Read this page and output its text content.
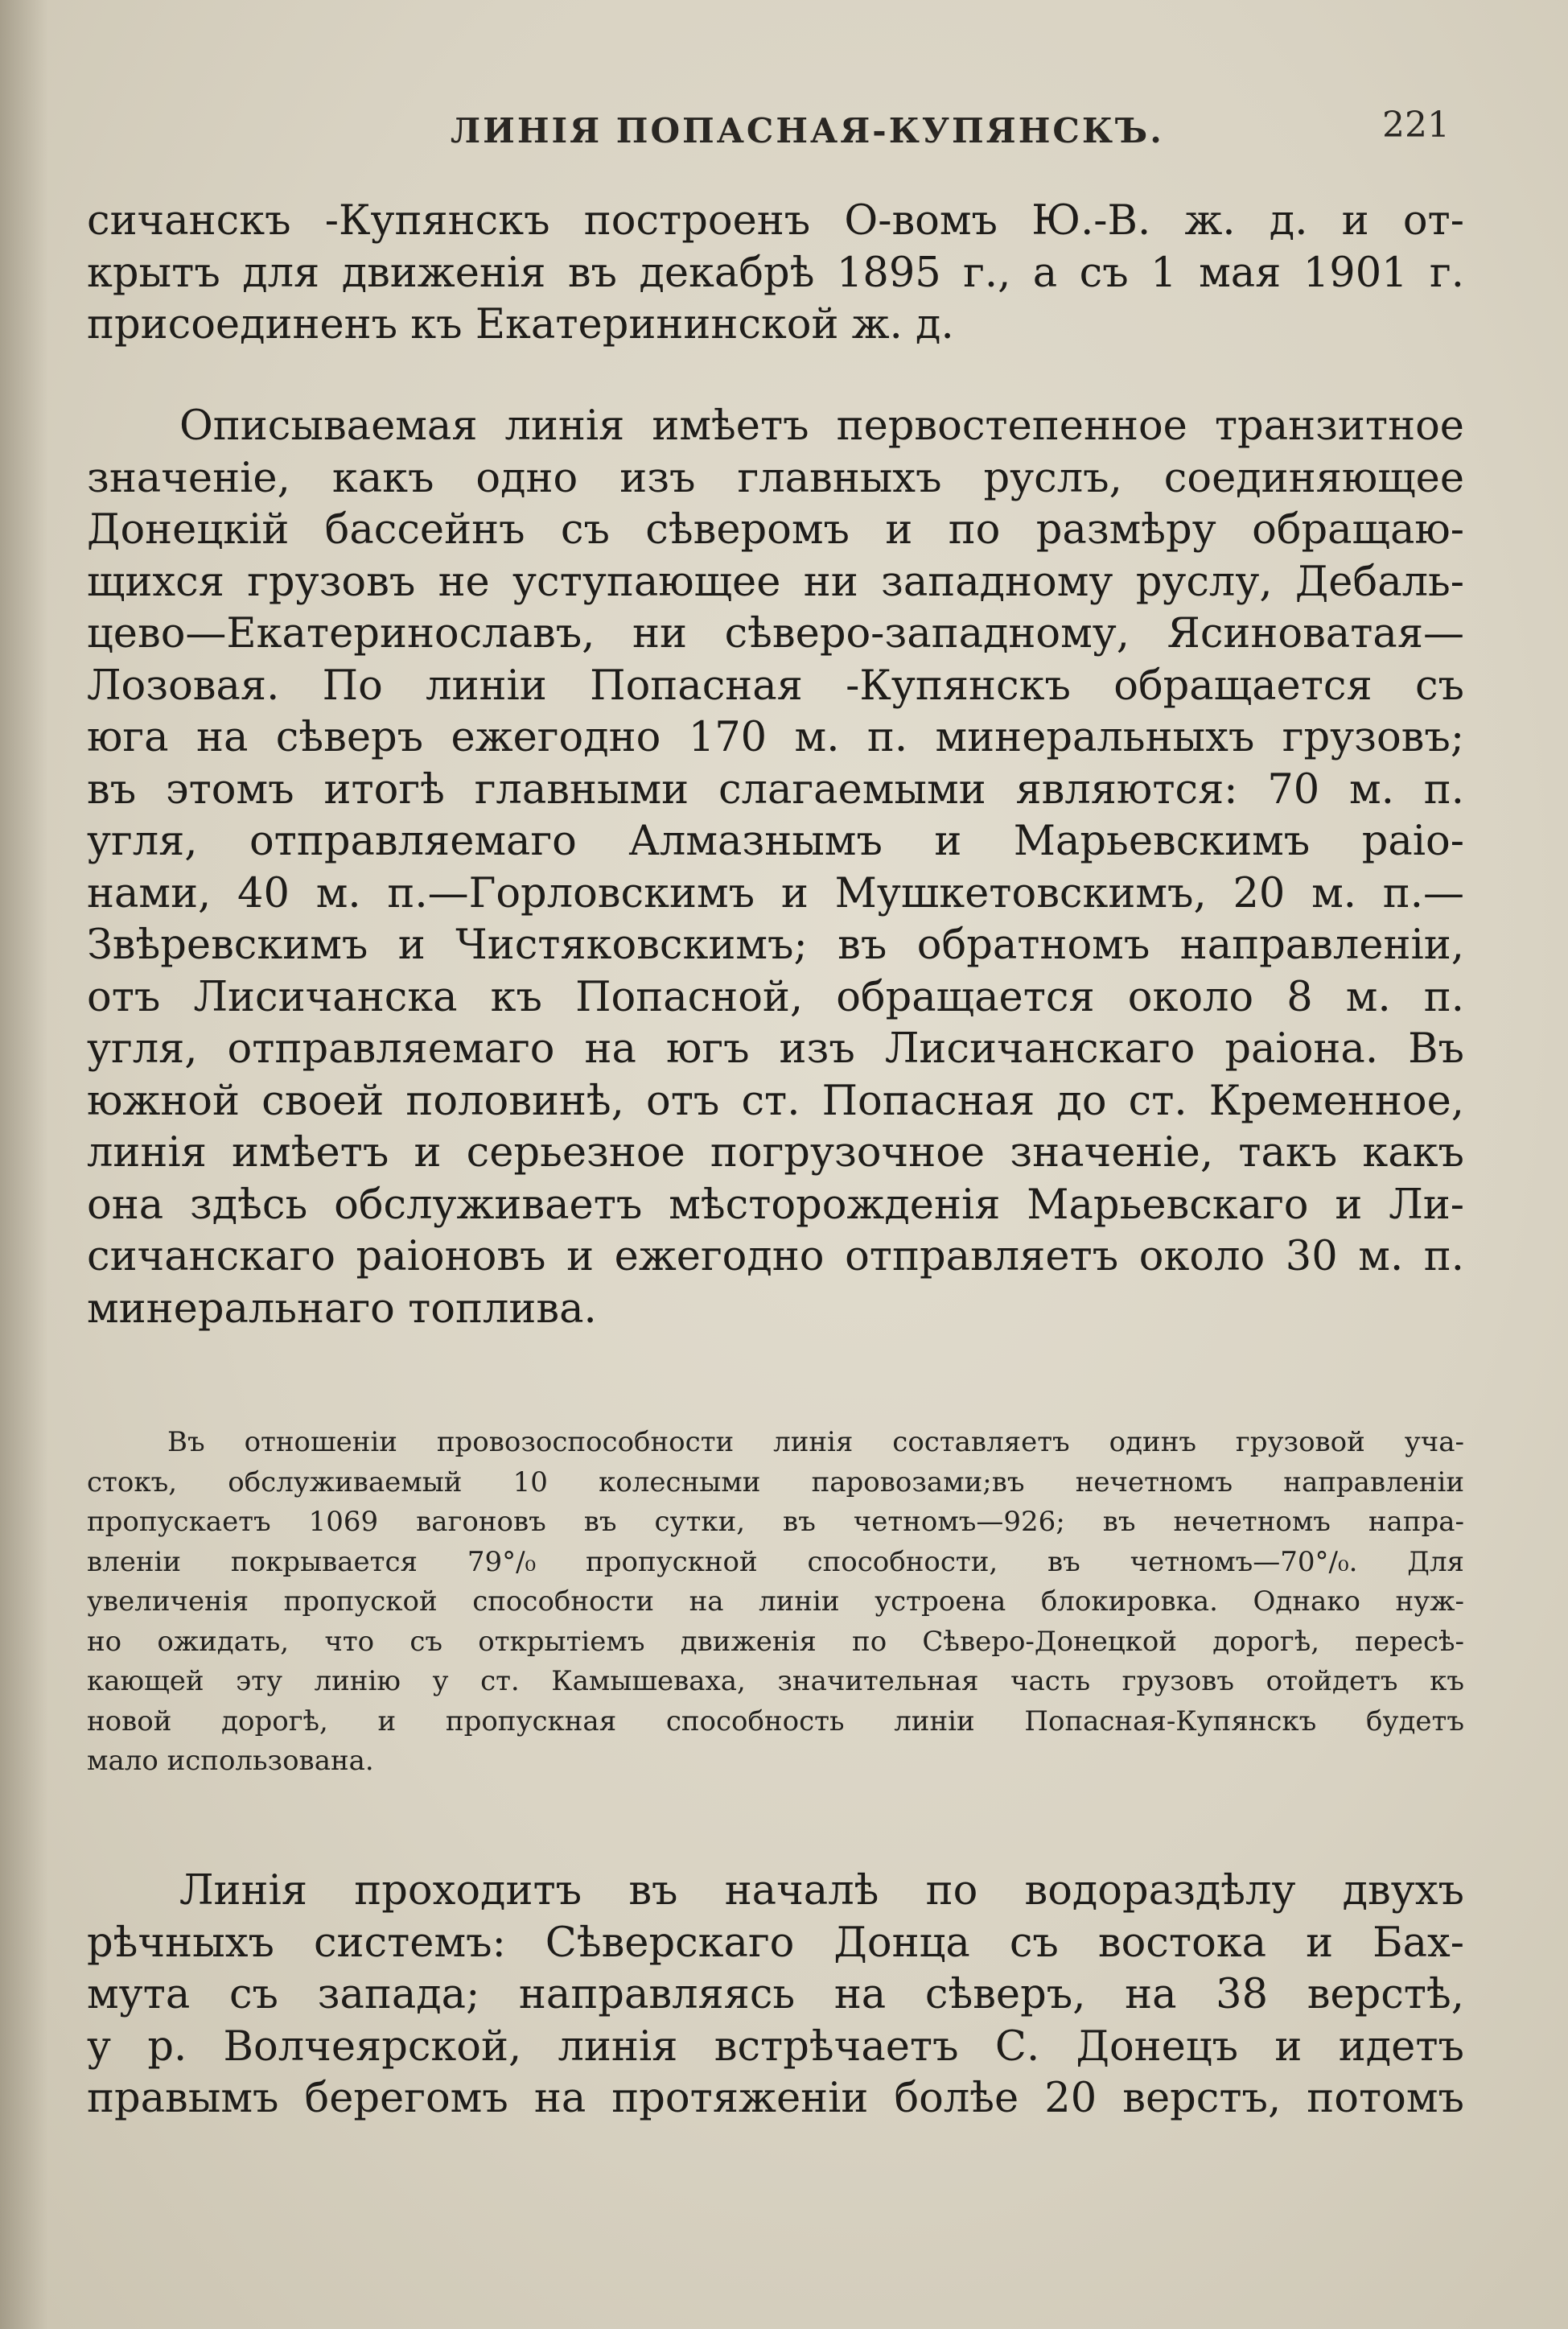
ЛИНІЯ ПОПАСНАЯ-КУПЯНСКЪ.	221
сичанскъ -Купянскъ построенъ О-вомъ Ю.-В. ж. д. и от-
крытъ для движенія въ декабрѣ 1895 г., а съ 1 мая 1901 г.
присоединенъ къ Екатерининской ж. д.
Описываемая линія имѣетъ первостепенное транзитное
значеніе, какъ одно изъ главныхъ руслъ, соединяющее
Донецкій бассейнъ съ сѣверомъ и по размѣру обращаю-
щихся грузовъ не уступающее ни западному руслу, Дебаль-
цево—Екатеринославъ, ни сѣверо-западному, Ясиноватая—
Лозовая. По линіи Попасная -Купянскъ обращается съ
юга на сѣверъ ежегодно 170 м. п. минеральныхъ грузовъ;
въ этомъ итогѣ главными слагаемыми являются: 70 м. п.
угля, отправляемаго Алмазнымъ и Марьевскимъ раіо-
нами, 40 м. п.—Горловскимъ и Мушкетовскимъ, 20 м. п.—
Звѣревскимъ и Чистяковскимъ; въ обратномъ направленіи,
отъ Лисичанска къ Попасной, обращается около 8 м. п.
угля, отправляемаго на югъ изъ Лисичанскаго раіона. Въ
южной своей половинѣ, отъ ст. Попасная до ст. Кременное,
линія имѣетъ и серьезное погрузочное значеніе, такъ какъ
она здѣсь обслуживаетъ мѣсторожденія Марьевскаго и Ли-
сичанскаго раіоновъ и ежегодно отправляетъ около 30 м. п.
минеральнаго топлива.
Въ отношеніи провозоспособности линія составляетъ одинъ грузовой уча-
стокъ, обслуживаемый 10 колесными паровозами;въ нечетномъ направленіи
пропускаетъ 1069 вагоновъ въ сутки, въ четномъ—926; въ нечетномъ напра-
вленіи покрывается 79°/₀ пропускной способности, въ четномъ—70°/₀. Для
увеличенія пропуской способности на линіи устроена блокировка. Однако нуж-
но ожидать, что съ открытіемъ движенія по Сѣверо-Донецкой дорогѣ, пересѣ-
кающей эту линію у ст. Камышеваха, значительная часть грузовъ отойдетъ къ
новой дорогѣ, и пропускная способность линіи Попасная-Купянскъ будетъ
мало использована.
Линія проходитъ въ началѣ по водораздѣлу двухъ
рѣчныхъ системъ: Сѣверскаго Донца съ востока и Бах-
мута съ запада; направляясь на сѣверъ, на 38 верстѣ,
у р. Волчеярской, линія встрѣчаетъ С. Донецъ и идетъ
правымъ берегомъ на протяженіи болѣе 20 верстъ, потомъ
